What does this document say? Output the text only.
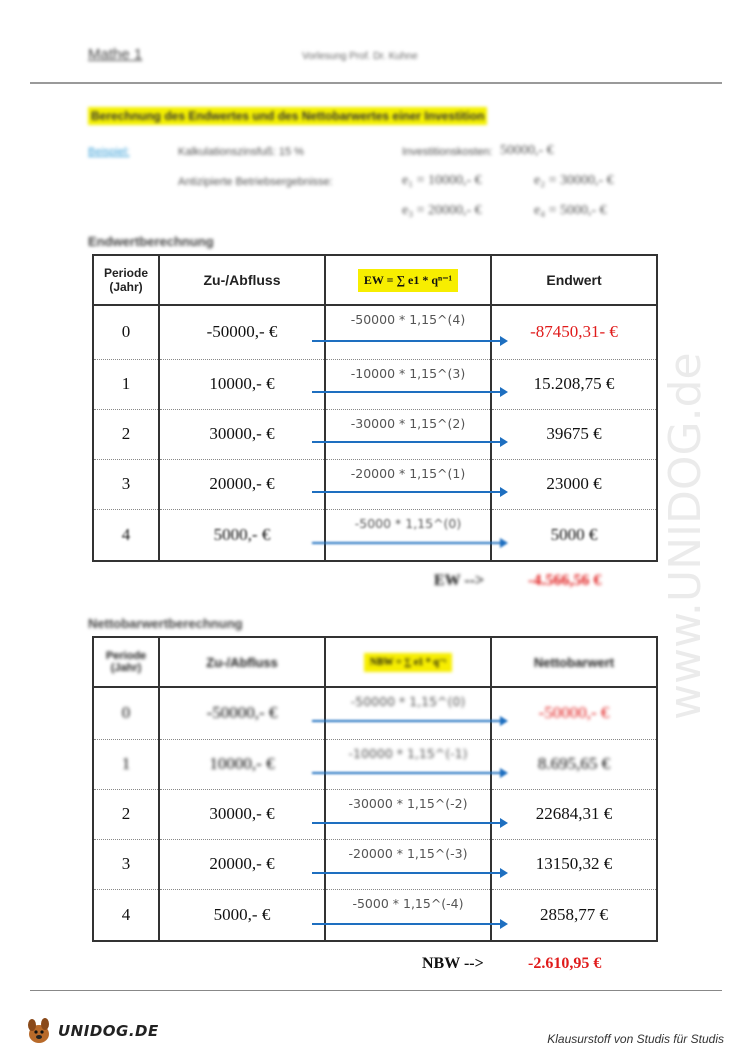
Mathe 1	Vorlesung Prof. Dr. Kuhne
Berechnung des Endwertes und des Nettobarwertes einer Investition
Beispiel:	Kalkulationszinsfuß: 15 %	Investitionskosten: 50000,- €
Antizipierte Betriebsergebnisse:	e₁ = 10000,- €	e₂ = 30000,- €
e₃ = 20000,- €	e₄ = 5000,- €
Endwertberechnung
Periode (Jahr)	Zu-/Abfluss	EW = ∑ e1 * qⁿ⁻¹	Endwert
0	-50000,- €	-50000 * 1,15^(4)	-87450,31- €
1	10000,- €	-10000 * 1,15^(3)	15.208,75 €
2	30000,- €	-30000 * 1,15^(2)	39675 €
3	20000,- €	-20000 * 1,15^(1)	23000 €
4	5000,- €	-5000 * 1,15^(0)	5000 €
EW -->	-4.566,56 €
Nettobarwertberechnung
Periode (Jahr)	Zu-/Abfluss	NBW = ∑ e1 * q⁻ᵗ	Nettobarwert
0	-50000,- €	-50000 * 1,15^(0)	-50000,- €
1	10000,- €	-10000 * 1,15^(-1)	8.695,65 €
2	30000,- €	-30000 * 1,15^(-2)	22684,31 €
3	20000,- €	-20000 * 1,15^(-3)	13150,32 €
4	5000,- €	-5000 * 1,15^(-4)	2858,77 €
NBW -->	-2.610,95 €
www.UNIDOG.de
UNIDOG.DE	Klausurstoff von Studis für Studis
